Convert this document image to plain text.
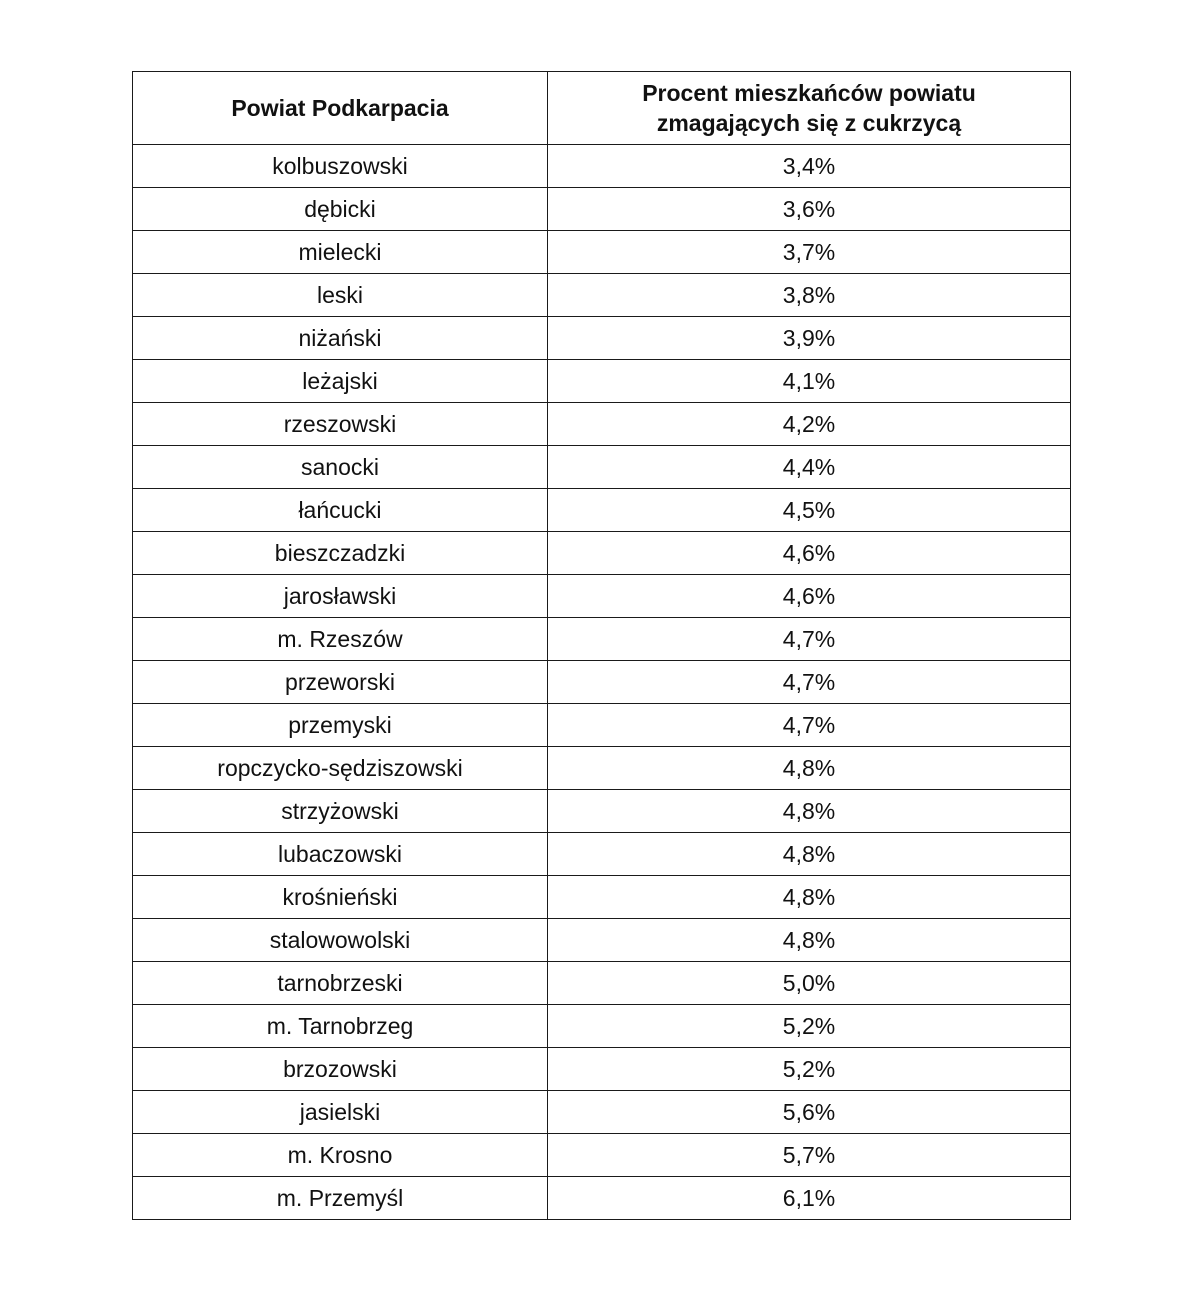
Powiat Podkarpacia	Procent mieszkańców powiatu
zmagających się z cukrzycą
kolbuszowski	3,4%
dębicki	3,6%
mielecki	3,7%
leski	3,8%
niżański	3,9%
leżajski	4,1%
rzeszowski	4,2%
sanocki	4,4%
łańcucki	4,5%
bieszczadzki	4,6%
jarosławski	4,6%
m. Rzeszów	4,7%
przeworski	4,7%
przemyski	4,7%
ropczycko-sędziszowski	4,8%
strzyżowski	4,8%
lubaczowski	4,8%
krośnieński	4,8%
stalowowolski	4,8%
tarnobrzeski	5,0%
m. Tarnobrzeg	5,2%
brzozowski	5,2%
jasielski	5,6%
m. Krosno	5,7%
m. Przemyśl	6,1%
